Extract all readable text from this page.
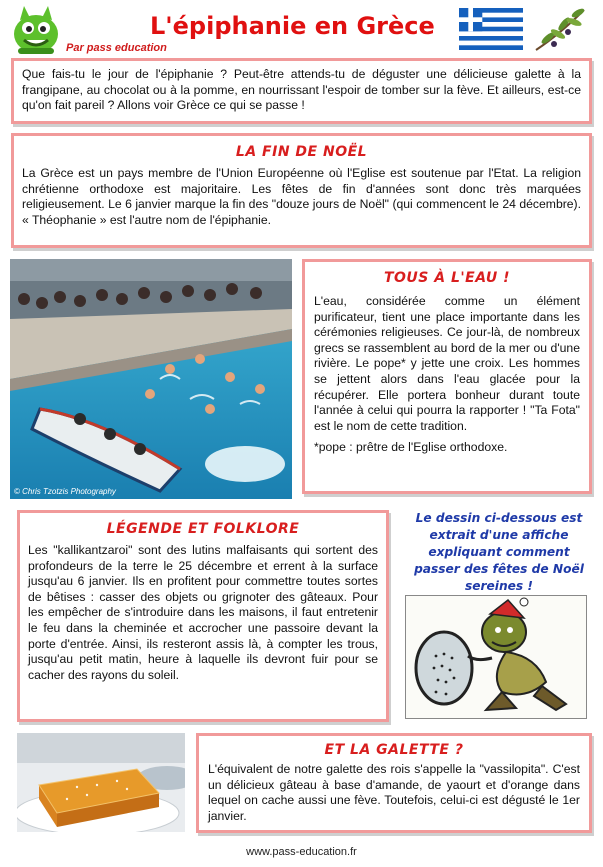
L'épiphanie en Grèce
Par pass education

Que fais-tu le jour de l'épiphanie ? Peut-être attends-tu de déguster une délicieuse galette à la frangipane, au chocolat ou à la pomme, en nourrissant l'espoir de tomber sur la fève. Et ailleurs, est-ce qu'on fait pareil ? Allons voir Grèce ce qui se passe !

LA FIN DE NOËL

La Grèce est un pays membre de l'Union Européenne où l'Eglise est soutenue par l'Etat. La religion chrétienne orthodoxe est majoritaire. Les fêtes de fin d'années sont donc très marquées religieusement. Le 6 janvier marque la fin des "douze jours de Noël" (qui commencent le 24 décembre). « Théophanie » est l'autre nom de l'épiphanie.

© Chris Tzotzis Photography

TOUS À L'EAU !

L'eau, considérée comme un élément purificateur, tient une place importante dans les cérémonies religieuses. Ce jour-là, de nombreux grecs se rassemblent au bord de la mer ou d'une rivière. Le pope* y jette une croix. Les hommes se jettent alors dans l'eau glacée pour la récupérer. Elle portera bonheur durant toute l'année à celui qui pourra la rapporter ! "Ta Fota" est le nom de cette tradition.

*pope : prêtre de l'Eglise orthodoxe.

LÉGENDE ET FOLKLORE

Les "kallikantzaroi" sont des lutins malfaisants qui sortent des profondeurs de la terre le 25 décembre et errent à la surface jusqu'au 6 janvier. Ils en profitent pour commettre toutes sortes de bêtises : casser des objets ou grignoter des gâteaux. Pour les empêcher de s'introduire dans les maisons, il faut entretenir le feu dans la cheminée et accrocher une passoire devant la porte d'entrée. Ainsi, ils resteront assis là, à compter les trous, jusqu'au petit matin, heure à laquelle ils devront fuir pour se cacher des rayons du soleil.

Le dessin ci-dessous est extrait d'une affiche expliquant comment passer des fêtes de Noël sereines !

ET LA GALETTE ?

L'équivalent de notre galette des rois s'appelle la "vassilopita". C'est un délicieux gâteau à base d'amande, de yaourt et d'orange dans lequel on cache aussi une fève. Toutefois, celui-ci est dégusté le 1er janvier.

www.pass-education.fr
